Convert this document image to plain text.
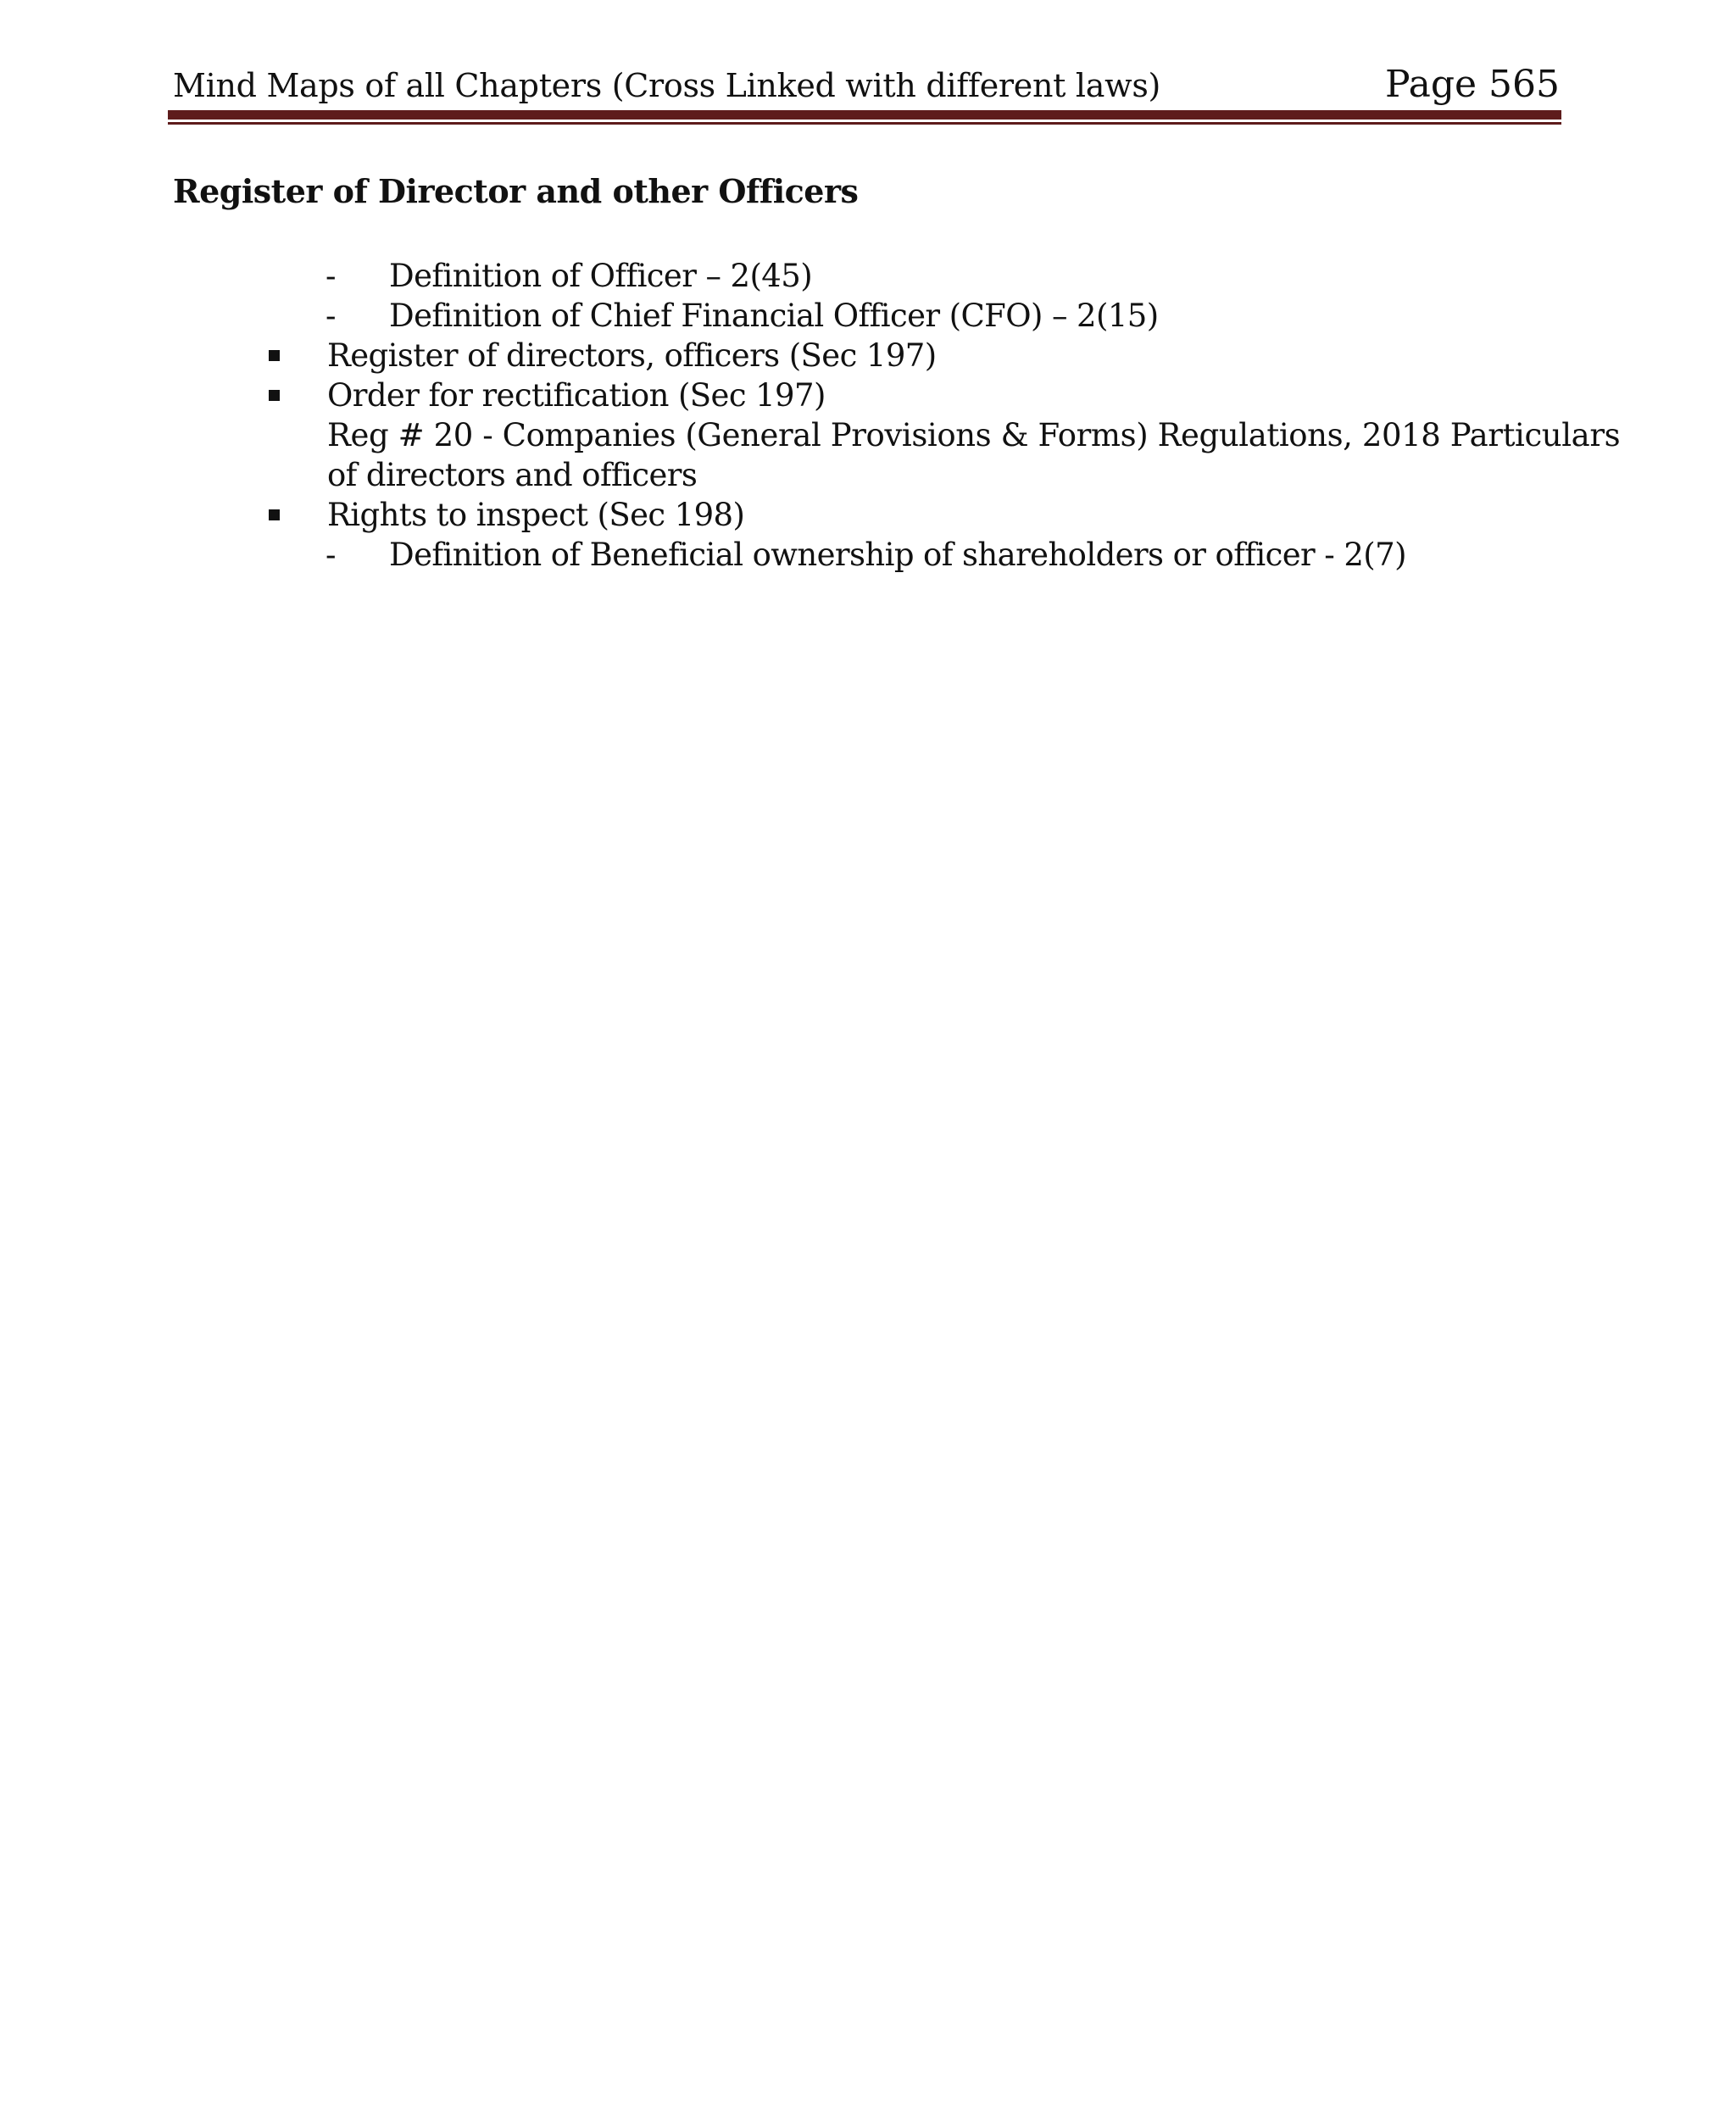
Mind Maps of all Chapters (Cross Linked with different laws)	Page 565
Register of Director and other Officers
- Definition of Officer – 2(45)
- Definition of Chief Financial Officer (CFO) – 2(15)
Register of directors, officers (Sec 197)
Order for rectification (Sec 197)
Reg # 20 - Companies (General Provisions & Forms) Regulations, 2018 Particulars
of directors and officers
Rights to inspect (Sec 198)
- Definition of Beneficial ownership of shareholders or officer - 2(7)
